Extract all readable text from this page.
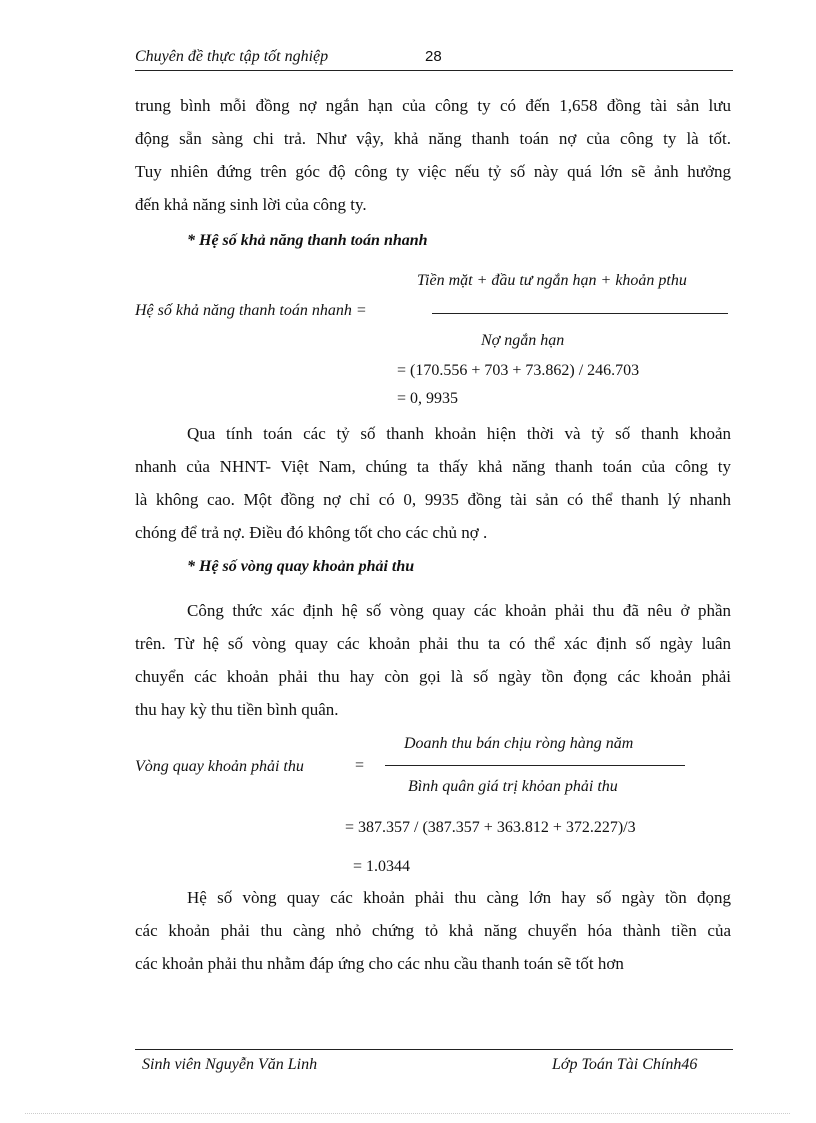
Chuyên đề thực tập tốt nghiệp	28
trung bình mỗi đồng nợ ngắn hạn của công ty có đến 1,658 đồng tài sản lưu
động sẵn sàng chi trả. Như vậy, khả năng thanh toán nợ của công ty là tốt.
Tuy nhiên đứng trên góc độ công ty việc nếu tỷ số này quá lớn sẽ ảnh hưởng
đến khả năng sinh lời của công ty.
* Hệ số khả năng thanh toán nhanh
Tiền mặt + đầu tư ngắn hạn + khoản pthu
Hệ số khả năng thanh toán nhanh =
Nợ ngắn hạn
= (170.556 + 703 + 73.862) / 246.703
= 0, 9935
Qua tính toán các tỷ số thanh khoản hiện thời và tỷ số thanh khoản
nhanh của NHNT- Việt Nam, chúng ta thấy khả năng thanh toán của công ty
là không cao. Một đồng nợ chỉ có 0, 9935 đồng tài sản có thể thanh lý nhanh
chóng để trả nợ. Điều đó không tốt cho các chủ nợ .
* Hệ số vòng quay khoản phải thu
Công thức xác định hệ số vòng quay các khoản phải thu đã nêu ở phần
trên. Từ hệ số vòng quay các khoản phải thu ta có thể xác định số ngày luân
chuyển các khoản phải thu hay còn gọi là số ngày tồn đọng các khoản phải
thu hay kỳ thu tiền bình quân.
Doanh thu bán chịu ròng hàng năm
Vòng quay khoản phải thu	=
Bình quân giá trị khỏan phải thu
= 387.357 / (387.357 + 363.812 + 372.227)/3
= 1.0344
Hệ số vòng quay các khoản phải thu càng lớn hay số ngày tồn đọng
các khoản phải thu càng nhỏ chứng tỏ khả năng chuyển hóa thành tiền của
các khoản phải thu nhằm đáp ứng cho các nhu cầu thanh toán sẽ tốt hơn
Sinh viên Nguyễn Văn Linh	Lớp Toán Tài Chính46
